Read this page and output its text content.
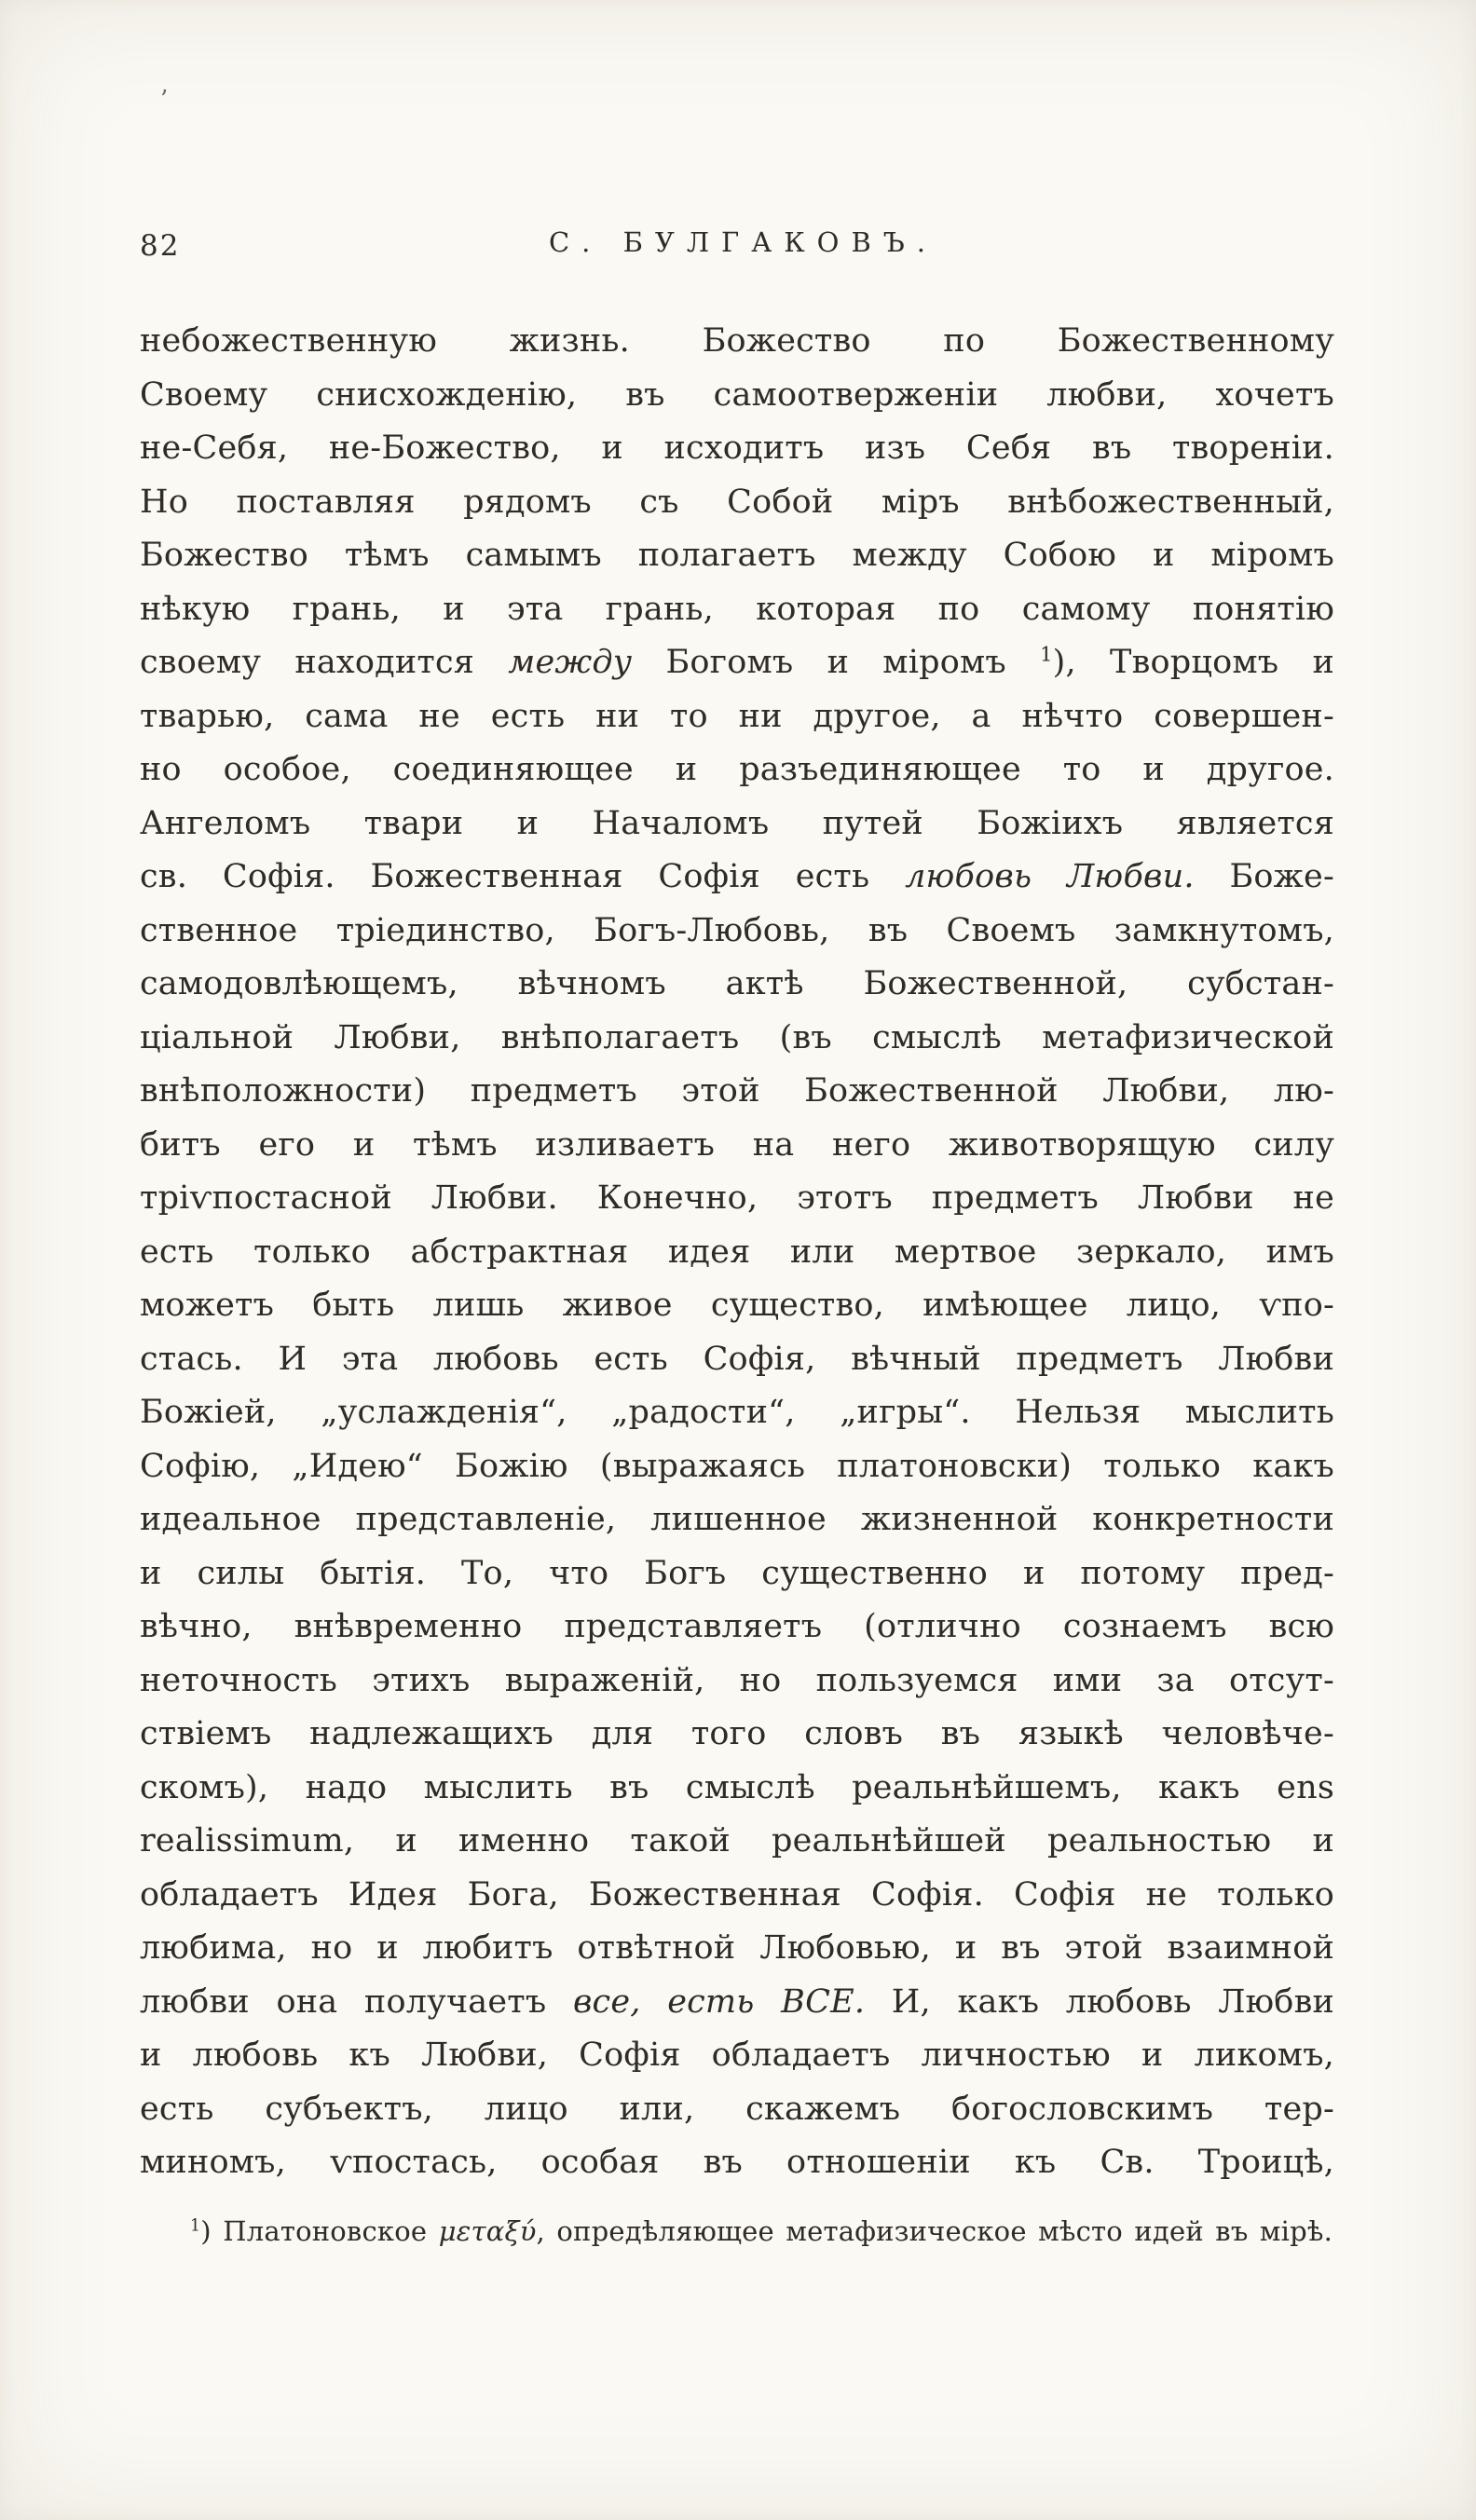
’
82	С. БУЛГАКОВЪ.
небожественную жизнь. Божество по Божественному
Своему снисхожденію, въ самоотверженіи любви, хочетъ
не-Себя, не-Божество, и исходитъ изъ Себя въ твореніи.
Но поставляя рядомъ съ Собой міръ внѣбожественный,
Божество тѣмъ самымъ полагаетъ между Собою и міромъ
нѣкую грань, и эта грань, которая по самому понятію
своему находится между Богомъ и міромъ $^1$), Творцомъ и
тварью, сама не есть ни то ни другое, а нѣчто совершен-
но особое, соединяющее и разъединяющее то и другое.
Ангеломъ твари и Началомъ путей Божіихъ является
св. Софія. Божественная Софія есть любовь Любви. Боже-
ственное тріединство, Богъ-Любовь, въ Своемъ замкнутомъ,
самодовлѣющемъ, вѣчномъ актѣ Божественной, субстан-
ціальной Любви, внѣполагаетъ (въ смыслѣ метафизической
внѣположности) предметъ этой Божественной Любви, лю-
битъ его и тѣмъ изливаетъ на него животворящую силу
тріѵпостасной Любви. Конечно, этотъ предметъ Любви не
есть только абстрактная идея или мертвое зеркало, имъ
можетъ быть лишь живое существо, имѣющее лицо, ѵпо-
стась. И эта любовь есть Софія, вѣчный предметъ Любви
Божіей, „услажденія“, „радости“, „игры“. Нельзя мыслить
Софію, „Идею“ Божію (выражаясь платоновски) только какъ
идеальное представленіе, лишенное жизненной конкретности
и силы бытія. То, что Богъ существенно и потому пред-
вѣчно, внѣвременно представляетъ (отлично сознаемъ всю
неточность этихъ выраженій, но пользуемся ими за отсут-
ствіемъ надлежащихъ для того словъ въ языкѣ человѣче-
скомъ), надо мыслить въ смыслѣ реальнѣйшемъ, какъ ens
realissimum, и именно такой реальнѣйшей реальностью и
обладаетъ Идея Бога, Божественная Софія. Софія не только
любима, но и любитъ отвѣтной Любовью, и въ этой взаимной
любви она получаетъ все, есть ВСЕ. И, какъ любовь Любви
и любовь къ Любви, Софія обладаетъ личностью и ликомъ,
есть субъектъ, лицо или, скажемъ богословскимъ тер-
миномъ, ѵпостась, особая въ отношеніи къ Св. Троицѣ,

$^1$) Платоновское μεταξύ, опредѣляющее метафизическое мѣсто идей въ мірѣ.
